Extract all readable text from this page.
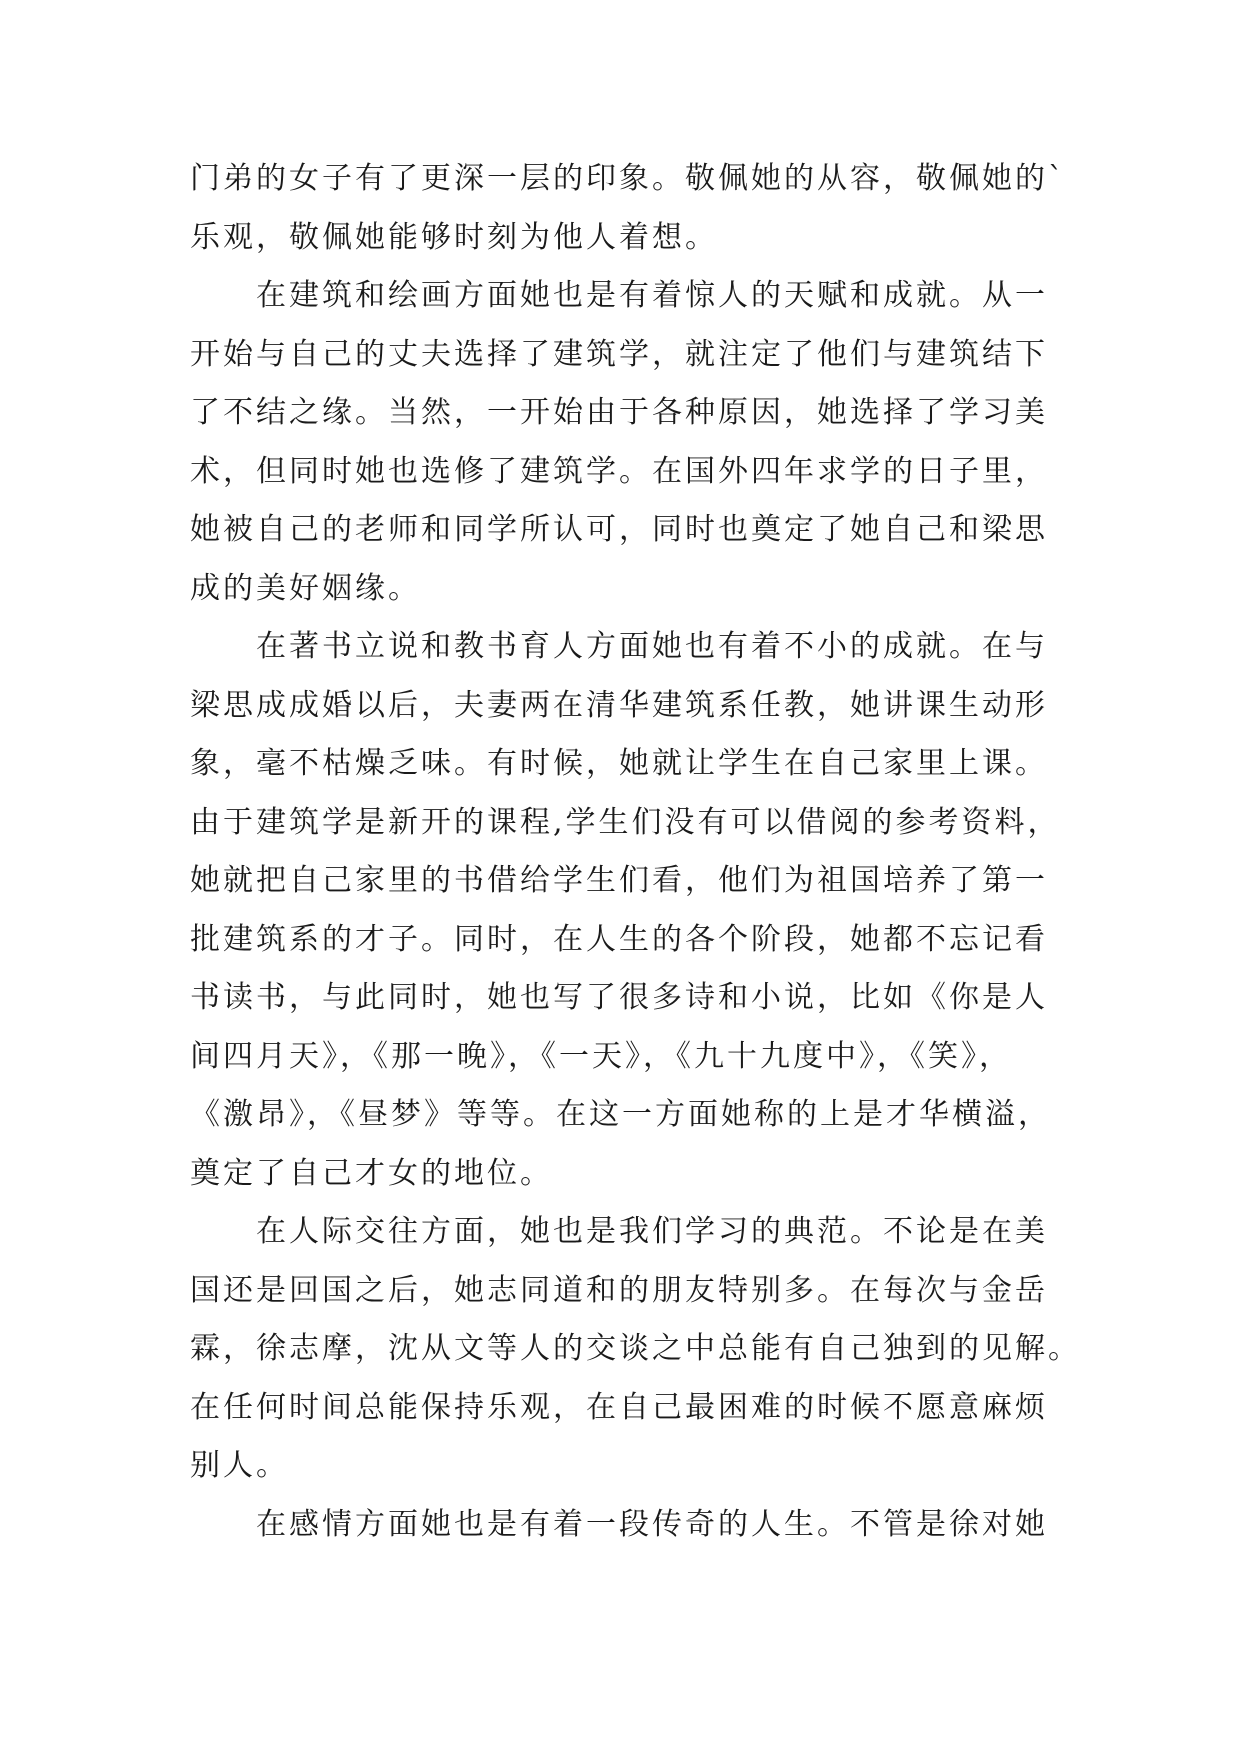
门弟的女子有了更深一层的印象。敬佩她的从容，敬佩她的`
乐观，敬佩她能够时刻为他人着想。
在建筑和绘画方面她也是有着惊人的天赋和成就。从一
开始与自己的丈夫选择了建筑学，就注定了他们与建筑结下
了不结之缘。当然，一开始由于各种原因，她选择了学习美
术，但同时她也选修了建筑学。在国外四年求学的日子里，
她被自己的老师和同学所认可，同时也奠定了她自己和梁思
成的美好姻缘。
在著书立说和教书育人方面她也有着不小的成就。在与
梁思成成婚以后，夫妻两在清华建筑系任教，她讲课生动形
象，毫不枯燥乏味。有时候，她就让学生在自己家里上课。
由于建筑学是新开的课程,学生们没有可以借阅的参考资料，
她就把自己家里的书借给学生们看，他们为祖国培养了第一
批建筑系的才子。同时，在人生的各个阶段，她都不忘记看
书读书，与此同时，她也写了很多诗和小说，比如《你是人
间四月天》，《那一晚》，《一天》，《九十九度中》，《笑》，
《激昂》，《昼梦》等等。在这一方面她称的上是才华横溢，
奠定了自己才女的地位。
在人际交往方面，她也是我们学习的典范。不论是在美
国还是回国之后，她志同道和的朋友特别多。在每次与金岳
霖，徐志摩，沈从文等人的交谈之中总能有自己独到的见解。
在任何时间总能保持乐观，在自己最困难的时候不愿意麻烦
别人。
在感情方面她也是有着一段传奇的人生。不管是徐对她
